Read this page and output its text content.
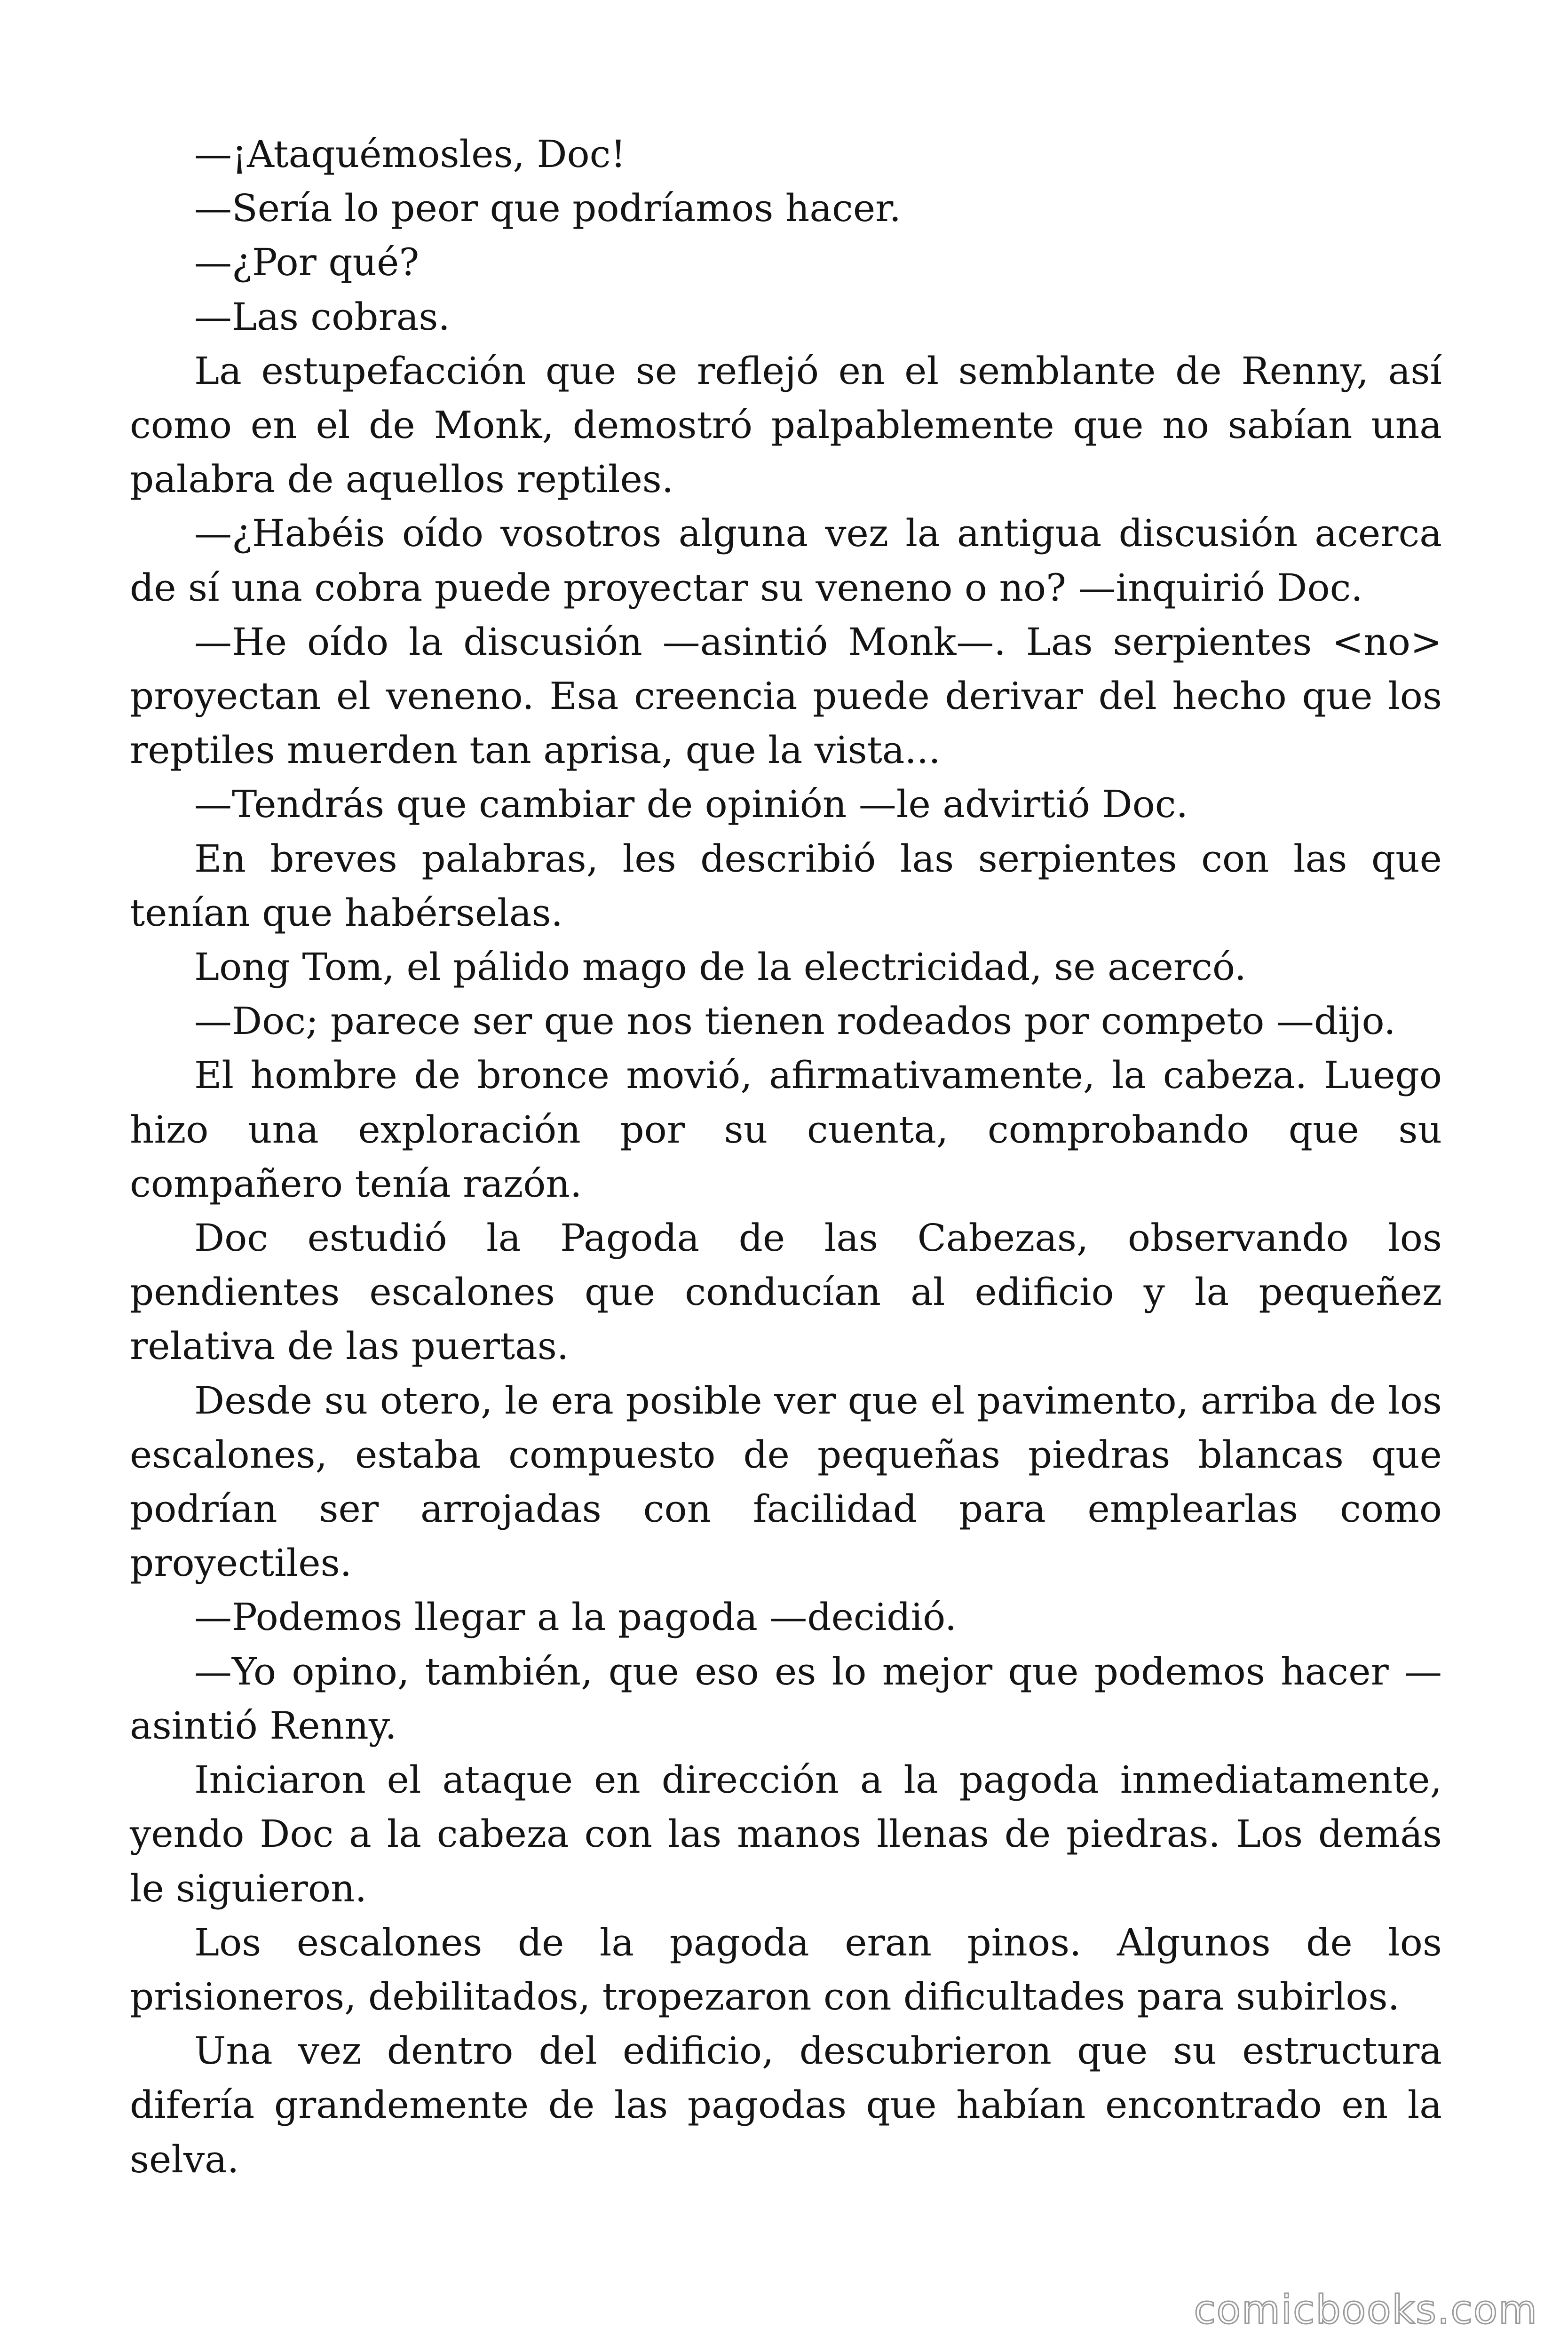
—¡Ataquémosles, Doc!

—Sería lo peor que podríamos hacer.

—¿Por qué?

—Las cobras.

La estupefacción que se reflejó en el semblante de Renny, así como en el de Monk, demostró palpablemente que no sabían una palabra de aquellos reptiles.

—¿Habéis oído vosotros alguna vez la antigua discusión acerca de sí una cobra puede proyectar su veneno o no? —inquirió Doc.

—He oído la discusión —asintió Monk—. Las serpientes <no> proyectan el veneno. Esa creencia puede derivar del hecho que los reptiles muerden tan aprisa, que la vista...

—Tendrás que cambiar de opinión —le advirtió Doc.

En breves palabras, les describió las serpientes con las que tenían que habérselas.

Long Tom, el pálido mago de la electricidad, se acercó.

—Doc; parece ser que nos tienen rodeados por competo —dijo.

El hombre de bronce movió, afirmativamente, la cabeza. Luego hizo una exploración por su cuenta, comprobando que su compañero tenía razón.

Doc estudió la Pagoda de las Cabezas, observando los pendientes escalones que conducían al edificio y la pequeñez relativa de las puertas.

Desde su otero, le era posible ver que el pavimento, arriba de los escalones, estaba compuesto de pequeñas piedras blancas que podrían ser arrojadas con facilidad para emplearlas como proyectiles.

—Podemos llegar a la pagoda —decidió.

—Yo opino, también, que eso es lo mejor que podemos hacer —asintió Renny.

Iniciaron el ataque en dirección a la pagoda inmediatamente, yendo Doc a la cabeza con las manos llenas de piedras. Los demás le siguieron.

Los escalones de la pagoda eran pinos. Algunos de los prisioneros, debilitados, tropezaron con dificultades para subirlos.

Una vez dentro del edificio, descubrieron que su estructura difería grandemente de las pagodas que habían encontrado en la selva.

comicbooks.com
